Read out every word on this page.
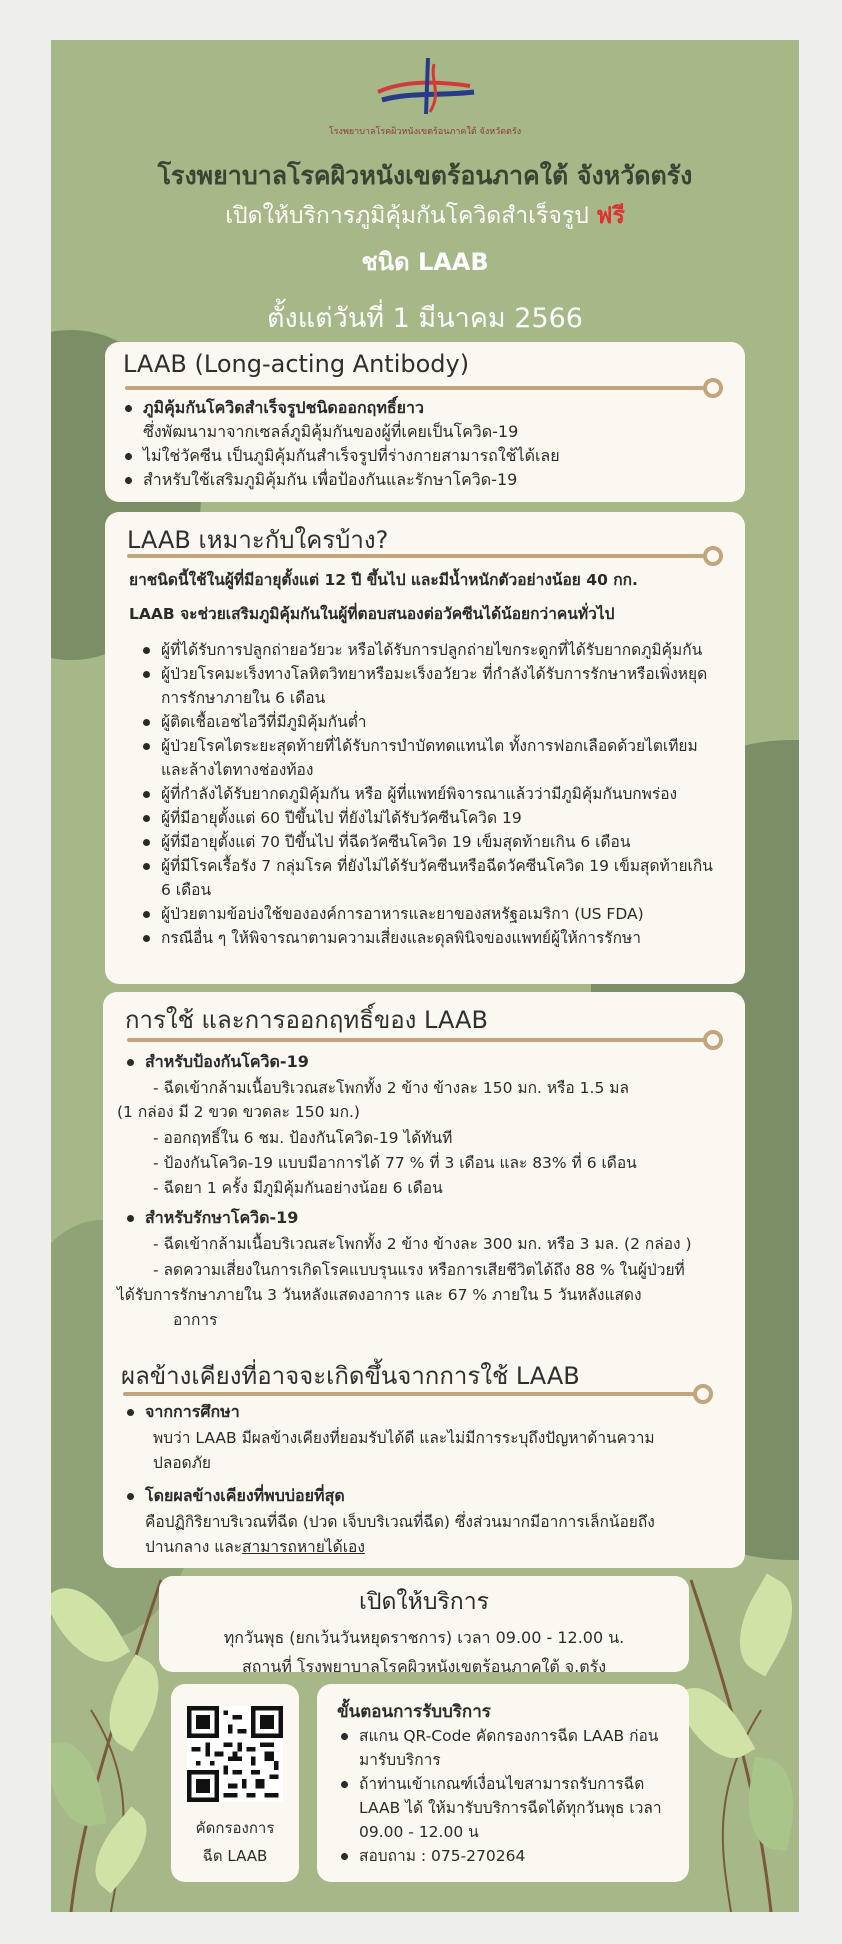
โรงพยาบาลโรคผิวหนังเขตร้อนภาคใต้ จังหวัดตรัง
โรงพยาบาลโรคผิวหนังเขตร้อนภาคใต้ จังหวัดตรัง
เปิดให้บริการภูมิคุ้มกันโควิดสำเร็จรูป ฟรี
ชนิด LAAB
ตั้งแต่วันที่ 1 มีนาคม 2566
LAAB (Long-acting Antibody)
ภูมิคุ้มกันโควิดสำเร็จรูปชนิดออกฤทธิ์ยาว
ซึ่งพัฒนามาจากเซลล์ภูมิคุ้มกันของผู้ที่เคยเป็นโควิด-19
ไม่ใช่วัคซีน เป็นภูมิคุ้มกันสำเร็จรูปที่ร่างกายสามารถใช้ได้เลย
สำหรับใช้เสริมภูมิคุ้มกัน เพื่อป้องกันและรักษาโควิด-19
LAAB เหมาะกับใครบ้าง?
ยาชนิดนี้ใช้ในผู้ที่มีอายุตั้งแต่ 12 ปี ขึ้นไป และมีน้ำหนักตัวอย่างน้อย 40 กก.
LAAB จะช่วยเสริมภูมิคุ้มกันในผู้ที่ตอบสนองต่อวัคซีนได้น้อยกว่าคนทั่วไป
ผู้ที่ได้รับการปลูกถ่ายอวัยวะ หรือได้รับการปลูกถ่ายไขกระดูกที่ได้รับยากดภูมิคุ้มกัน
ผู้ป่วยโรคมะเร็งทางโลหิตวิทยาหรือมะเร็งอวัยวะ ที่กำลังได้รับการรักษาหรือเพิ่งหยุดการรักษาภายใน 6 เดือน
ผู้ติดเชื้อเอชไอวีที่มีภูมิคุ้มกันต่ำ
ผู้ป่วยโรคไตระยะสุดท้ายที่ได้รับการบำบัดทดแทนไต ทั้งการฟอกเลือดด้วยไตเทียมและล้างไตทางช่องท้อง
ผู้ที่กำลังได้รับยากดภูมิคุ้มกัน หรือ ผู้ที่แพทย์พิจารณาแล้วว่ามีภูมิคุ้มกันบกพร่อง
ผู้ที่มีอายุตั้งแต่ 60 ปีขึ้นไป ที่ยังไม่ได้รับวัคซีนโควิด 19
ผู้ที่มีอายุตั้งแต่ 70 ปีขึ้นไป ที่ฉีดวัคซีนโควิด 19 เข็มสุดท้ายเกิน 6 เดือน
ผู้ที่มีโรคเรื้อรัง 7 กลุ่มโรค ที่ยังไม่ได้รับวัคซีนหรือฉีดวัคซีนโควิด 19 เข็มสุดท้ายเกิน 6 เดือน
ผู้ป่วยตามข้อบ่งใช้ขององค์การอาหารและยาของสหรัฐอเมริกา (US FDA)
กรณีอื่น ๆ ให้พิจารณาตามความเสี่ยงและดุลพินิจของแพทย์ผู้ให้การรักษา
การใช้ และการออกฤทธิ์ของ LAAB
สำหรับป้องกันโควิด-19
- ฉีดเข้ากล้ามเนื้อบริเวณสะโพกทั้ง 2 ข้าง ข้างละ 150 มก. หรือ 1.5 มล
(1 กล่อง มี 2 ขวด ขวดละ 150 มก.)
- ออกฤทธิ์ใน 6 ชม. ป้องกันโควิด-19 ได้ทันที
- ป้องกันโควิด-19 แบบมีอาการได้ 77 % ที่ 3 เดือน และ 83% ที่ 6 เดือน
- ฉีดยา 1 ครั้ง มีภูมิคุ้มกันอย่างน้อย 6 เดือน
สำหรับรักษาโควิด-19
- ฉีดเข้ากล้ามเนื้อบริเวณสะโพกทั้ง 2 ข้าง ข้างละ 300 มก. หรือ 3 มล. (2 กล่อง )
- ลดความเสี่ยงในการเกิดโรคแบบรุนแรง หรือการเสียชีวิตได้ถึง 88 % ในผู้ป่วยที่
ได้รับการรักษาภายใน 3 วันหลังแสดงอาการ และ 67 % ภายใน 5 วันหลังแสดง
อาการ
ผลข้างเคียงที่อาจจะเกิดขึ้นจากการใช้ LAAB
จากการศึกษา
พบว่า LAAB มีผลข้างเคียงที่ยอมรับได้ดี และไม่มีการระบุถึงปัญหาด้านความ
ปลอดภัย
โดยผลข้างเคียงที่พบบ่อยที่สุด
คือปฏิกิริยาบริเวณที่ฉีด (ปวด เจ็บบริเวณที่ฉีด) ซึ่งส่วนมากมีอาการเล็กน้อยถึง
ปานกลาง และสามารถหายได้เอง
เปิดให้บริการ
ทุกวันพุธ (ยกเว้นวันหยุดราชการ) เวลา 09.00 - 12.00 น.
สถานที่ โรงพยาบาลโรคผิวหนังเขตร้อนภาคใต้ จ.ตรัง
คัดกรองการ
ฉีด LAAB
ขั้นตอนการรับบริการ
สแกน QR-Code คัดกรองการฉีด LAAB ก่อนมารับบริการ
ถ้าท่านเข้าเกณฑ์เงื่อนไขสามารถรับการฉีด LAAB ได้ ให้มารับบริการฉีดได้ทุกวันพุธ เวลา 09.00 - 12.00 น
สอบถาม : 075-270264
